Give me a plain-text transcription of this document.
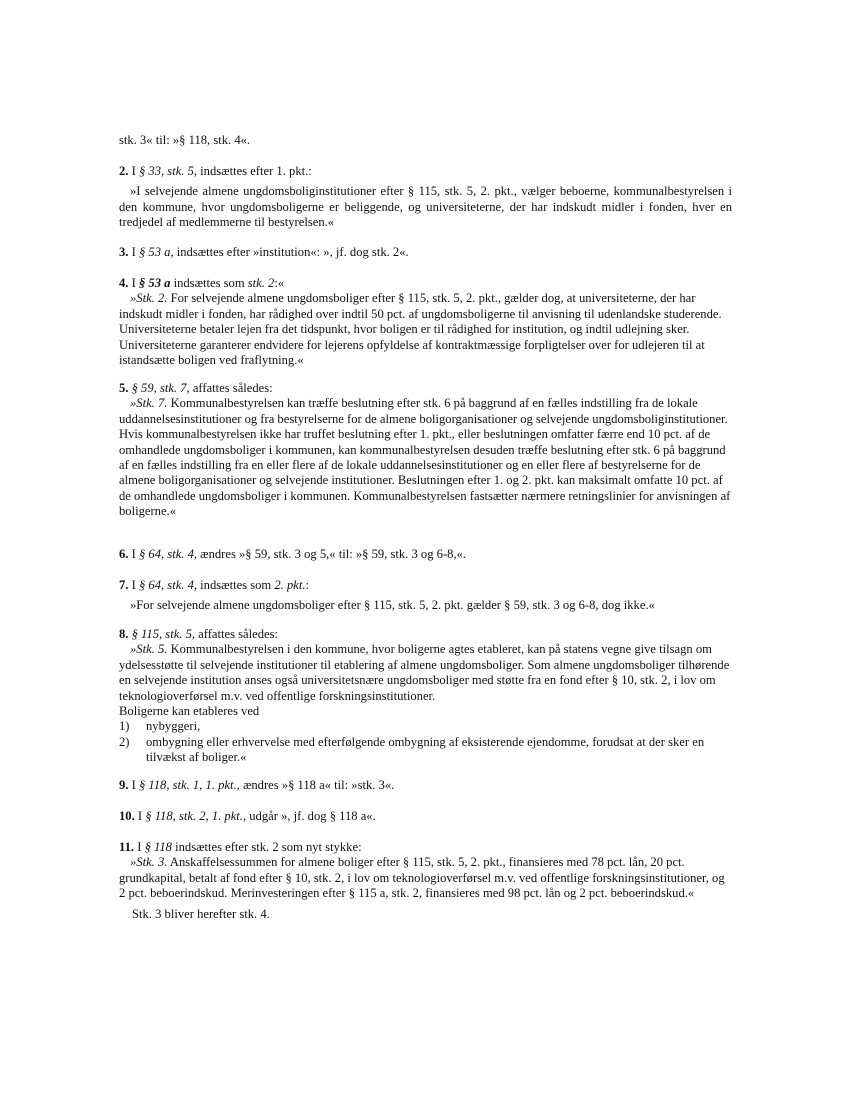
stk. 3« til: »§ 118, stk. 4«.

2. I § 33, stk. 5, indsættes efter 1. pkt.:

»I selvejende almene ungdomsboliginstitutioner efter § 115, stk. 5, 2. pkt., vælger beboerne, kommunalbestyrelsen i den kommune, hvor ungdomsboligerne er beliggende, og universiteterne, der har indskudt midler i fonden, hver en tredjedel af medlemmerne til bestyrelsen.«

3. I § 53 a, indsættes efter »institution«: », jf. dog stk. 2«.

4. I § 53 a indsættes som stk. 2:«

»Stk. 2. For selvejende almene ungdomsboliger efter § 115, stk. 5, 2. pkt., gælder dog, at universiteterne, der har indskudt midler i fonden, har rådighed over indtil 50 pct. af ungdomsboligerne til anvisning til udenlandske studerende. Universiteterne betaler lejen fra det tidspunkt, hvor boligen er til rådighed for institution, og indtil udlejning sker. Universiteterne garanterer endvidere for lejerens opfyldelse af kontraktmæssige forpligtelser over for udlejeren til at istandsætte boligen ved fraflytning.«

5. § 59, stk. 7, affattes således:

»Stk. 7. Kommunalbestyrelsen kan træffe beslutning efter stk. 6 på baggrund af en fælles indstilling fra de lokale uddannelsesinstitutioner og fra bestyrelserne for de almene boligorganisationer og selvejende ungdomsboliginstitutioner. Hvis kommunalbestyrelsen ikke har truffet beslutning efter 1. pkt., eller beslutningen omfatter færre end 10 pct. af de omhandlede ungdomsboliger i kommunen, kan kommunalbestyrelsen desuden træffe beslutning efter stk. 6 på baggrund af en fælles indstilling fra en eller flere af de lokale uddannelsesinstitutioner og en eller flere af bestyrelserne for de almene boligorganisationer og selvejende institutioner. Beslutningen efter 1. og 2. pkt. kan maksimalt omfatte 10 pct. af de omhandlede ungdomsboliger i kommunen. Kommunalbestyrelsen fastsætter nærmere retningslinier for anvisningen af boligerne.«

6. I § 64, stk. 4, ændres »§ 59, stk. 3 og 5,« til: »§ 59, stk. 3 og 6-8,«.

7. I § 64, stk. 4, indsættes som 2. pkt.:

»For selvejende almene ungdomsboliger efter § 115, stk. 5, 2. pkt. gælder § 59, stk. 3 og 6-8, dog ikke.«

8. § 115, stk. 5, affattes således:

»Stk. 5. Kommunalbestyrelsen i den kommune, hvor boligerne agtes etableret, kan på statens vegne give tilsagn om ydelsesstøtte til selvejende institutioner til etablering af almene ungdomsboliger. Som almene ungdomsboliger tilhørende en selvejende institution anses også universitetsnære ungdomsboliger med støtte fra en fond efter § 10, stk. 2, i lov om teknologioverførsel m.v. ved offentlige forskningsinstitutioner.

Boligerne kan etableres ved

1) nybyggeri,
2) ombygning eller erhvervelse med efterfølgende ombygning af eksisterende ejendomme, forudsat at der sker en tilvækst af boliger.«

9. I § 118, stk. 1, 1. pkt., ændres »§ 118 a« til: »stk. 3«.

10. I § 118, stk. 2, 1. pkt., udgår », jf. dog § 118 a«.

11. I § 118 indsættes efter stk. 2 som nyt stykke:

»Stk. 3. Anskaffelsessummen for almene boliger efter § 115, stk. 5, 2. pkt., finansieres med 78 pct. lån, 20 pct. grundkapital, betalt af fond efter § 10, stk. 2, i lov om teknologioverførsel m.v. ved offentlige forskningsinstitutioner, og 2 pct. beboerindskud. Merinvesteringen efter § 115 a, stk. 2, finansieres med 98 pct. lån og 2 pct. beboerindskud.«

Stk. 3 bliver herefter stk. 4.
